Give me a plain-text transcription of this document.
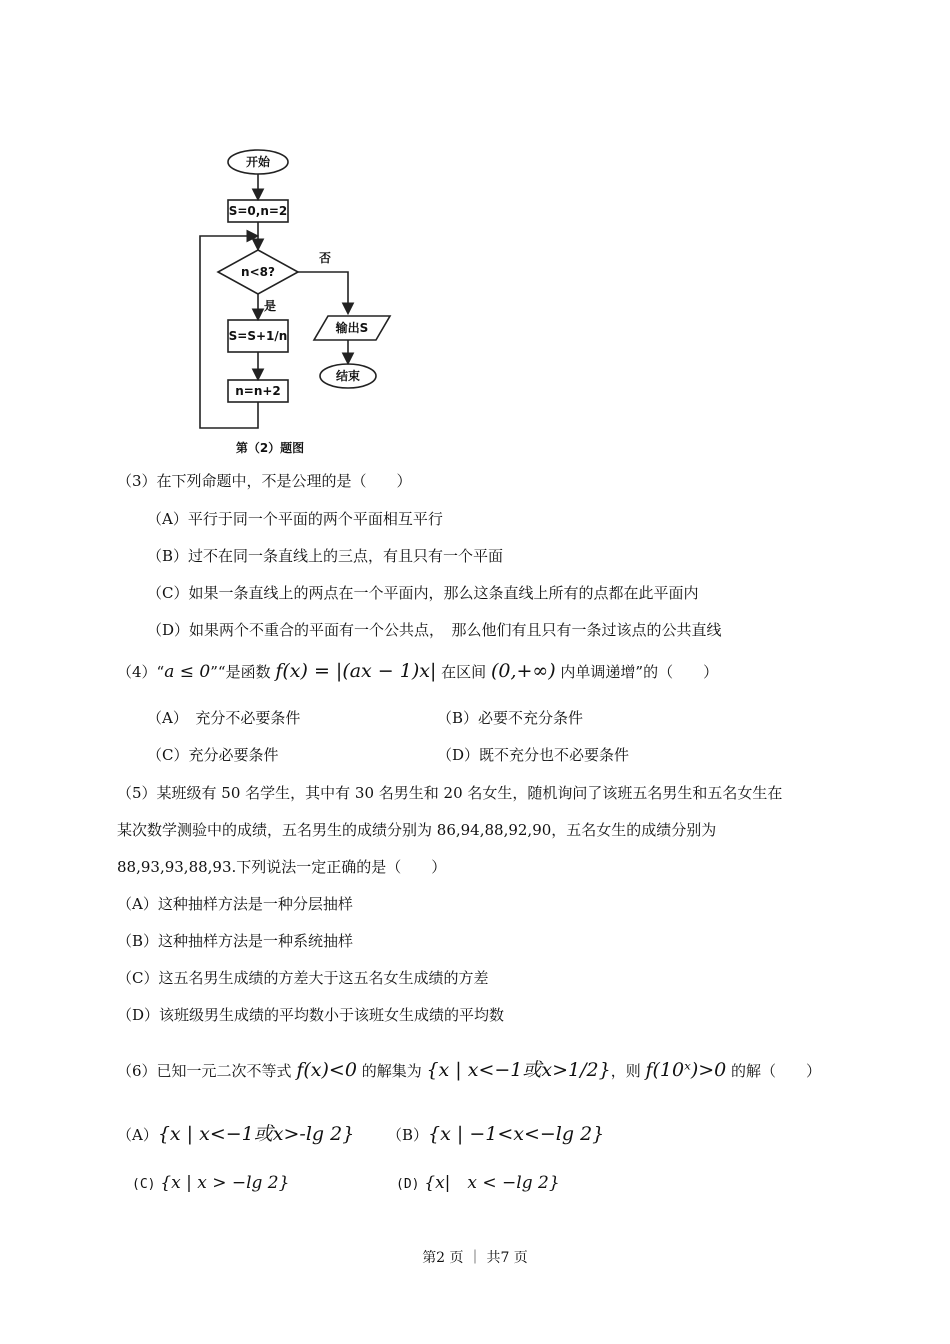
开始
S=0,n=2
n<8?
否
是
S=S+1/n
输出S
结束
n=n+2
第（2）题图
（3）在下列命题中，不是公理的是（　　）
（A）平行于同一个平面的两个平面相互平行
（B）过不在同一条直线上的三点，有且只有一个平面
（C）如果一条直线上的两点在一个平面内，那么这条直线上所有的点都在此平面内
（D）如果两个不重合的平面有一个公共点，　那么他们有且只有一条过该点的公共直线
（4）“a ≤ 0”“是函数 f(x) = |(ax − 1)x| 在区间 (0,+∞) 内单调递增”的（　　）
（A）　充分不必要条件	（B）必要不充分条件
（C）充分必要条件	（D）既不充分也不必要条件
（5）某班级有 50 名学生，其中有 30 名男生和 20 名女生，随机询问了该班五名男生和五名女生在
某次数学测验中的成绩，五名男生的成绩分别为 86,94,88,92,90，五名女生的成绩分别为
88,93,93,88,93.下列说法一定正确的是（　　）
（A）这种抽样方法是一种分层抽样
（B）这种抽样方法是一种系统抽样
（C）这五名男生成绩的方差大于这五名女生成绩的方差
（D）该班级男生成绩的平均数小于该班女生成绩的平均数
（6）已知一元二次不等式 f(x)<0 的解集为 {x | x<−1或x>1/2}，则 f(10ˣ)>0 的解（　　）
（A）{x | x<−1或x>-lg 2} （B）{x | −1<x<−lg 2}
(C) {x | x > −lg 2}	(D) {x|　x < −lg 2}
第2 页 ｜ 共7 页
